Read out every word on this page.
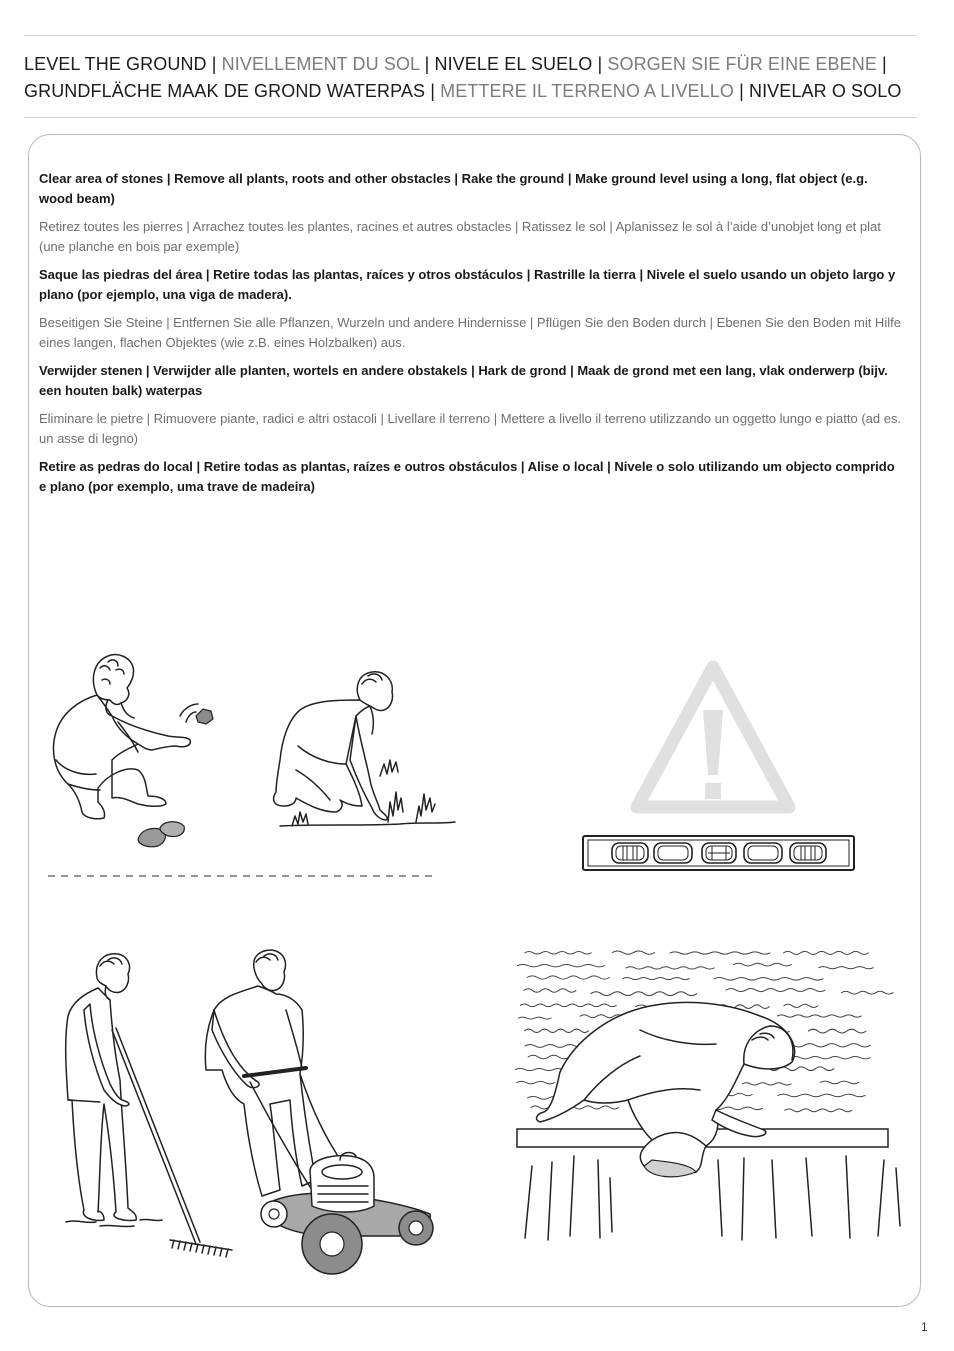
LEVEL THE GROUND | NIVELLEMENT DU SOL | NIVELE EL SUELO | SORGEN SIE FÜR EINE EBENE |
GRUNDFLÄCHE MAAK DE GROND WATERPAS | METTERE IL TERRENO A LIVELLO | NIVELAR O SOLO

Clear area of stones | Remove all plants, roots and other obstacles | Rake the ground | Make ground level using a long, flat object (e.g. wood beam)

Retirez toutes les pierres | Arrachez toutes les plantes, racines et autres obstacles | Ratissez le sol | Aplanissez le sol à l’aide d’unobjet long et plat (une planche en bois par exemple)

Saque las piedras del área | Retire todas las plantas, raíces y otros obstáculos | Rastrille la tierra | Nivele el suelo usando un objeto largo y plano (por ejemplo, una viga de madera).

Beseitigen Sie Steine | Entfernen Sie alle Pflanzen, Wurzeln und andere Hindernisse | Pflügen Sie den Boden durch | Ebenen Sie den Boden mit Hilfe eines langen, flachen Objektes (wie z.B. eines Holzbalken) aus.

Verwijder stenen | Verwijder alle planten, wortels en andere obstakels | Hark de grond | Maak de grond met een lang, vlak onderwerp (bijv. een houten balk) waterpas

Eliminare le pietre | Rimuovere piante, radici e altri ostacoli | Livellare il terreno | Mettere a livello il terreno utilizzando un oggetto lungo e piatto (ad es. un asse di legno)

Retire as pedras do local | Retire todas as plantas, raízes e outros obstáculos | Alise o local | Nivele o solo utilizando um objecto comprido e plano (por exemplo, uma trave de madeira)

1
